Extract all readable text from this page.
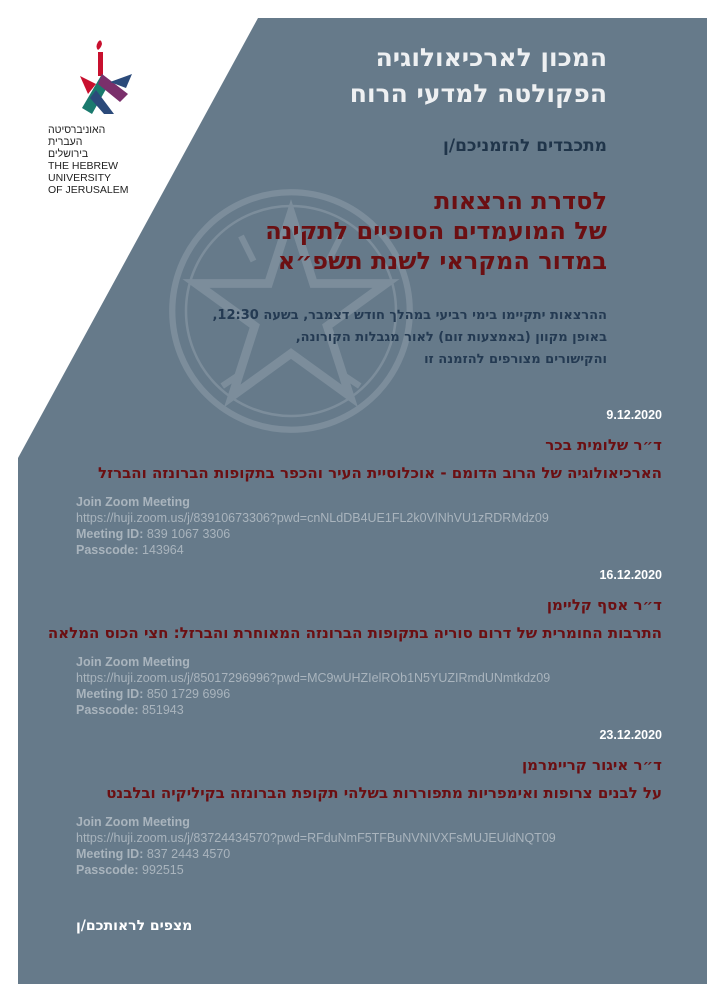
האוניברסיטה
העברית
בירושלים
THE HEBREW
UNIVERSITY
OF JERUSALEM
המכון לארכיאולוגיה
הפקולטה למדעי הרוח
מתכבדים להזמניכם/ן
לסדרת הרצאות
של המועמדים הסופיים לתקינה
במדור המקראי לשנת תשפ״א
ההרצאות יתקיימו בימי רביעי במהלך חודש דצמבר, בשעה 12:30,
באופן מקוון (באמצעות זום) לאור מגבלות הקורונה,
והקישורים מצורפים להזמנה זו
9.12.2020
ד״ר שלומית בכר
הארכיאולוגיה של הרוב הדומם - אוכלוסיית העיר והכפר בתקופות הברונזה והברזל
Join Zoom Meeting
https://huji.zoom.us/j/83910673306?pwd=cnNLdDB4UE1FL2k0VlNhVU1zRDRMdz09
Meeting ID: 839 1067 3306
Passcode: 143964
16.12.2020
ד״ר אסף קליימן
התרבות החומרית של דרום סוריה בתקופות הברונזה המאוחרת והברזל: חצי הכוס המלאה
Join Zoom Meeting
https://huji.zoom.us/j/85017296996?pwd=MC9wUHZIelROb1N5YUZIRmdUNmtkdz09
Meeting ID: 850 1729 6996
Passcode: 851943
23.12.2020
ד״ר איגור קריימרמן
על לבנים צרופות ואימפריות מתפוררות בשלהי תקופת הברונזה בקיליקיה ובלבנט
Join Zoom Meeting
https://huji.zoom.us/j/83724434570?pwd=RFduNmF5TFBuNVNIVXFsMUJEUldNQT09
Meeting ID: 837 2443 4570
Passcode: 992515
מצפים לראותכם/ן
